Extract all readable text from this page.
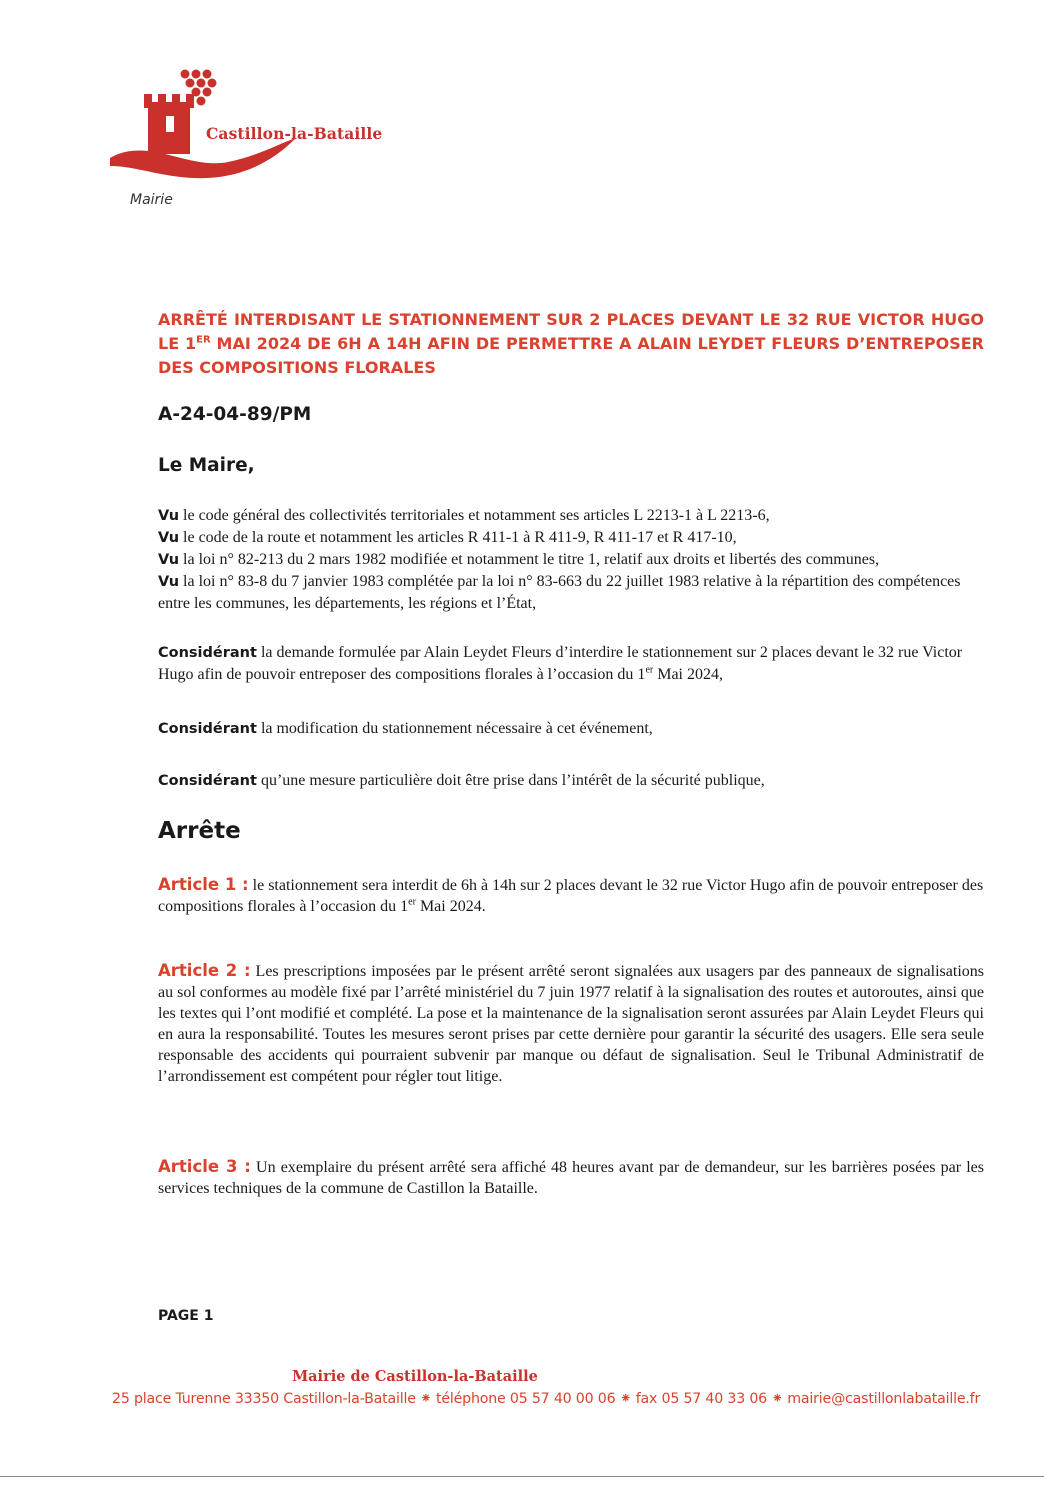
Castillon-la-Bataille
Mairie
ARRÊTÉ INTERDISANT LE STATIONNEMENT SUR 2 PLACES DEVANT LE 32 RUE VICTOR HUGO LE 1ER MAI 2024 DE 6H A 14H AFIN DE PERMETTRE A ALAIN LEYDET FLEURS D’ENTREPOSER DES COMPOSITIONS FLORALES
A-24-04-89/PM
Le Maire,

Vu le code général des collectivités territoriales et notamment ses articles L 2213-1 à L 2213-6,

Vu le code de la route et notamment les articles R 411-1 à R 411-9, R 411-17 et R 417-10,

Vu la loi n° 82-213 du 2 mars 1982 modifiée et notamment le titre 1, relatif aux droits et libertés des communes,

Vu la loi n° 83-8 du 7 janvier 1983 complétée par la loi n° 83-663 du 22 juillet 1983 relative à la répartition des compétences entre les communes, les départements, les régions et l’État,

Considérant la demande formulée par Alain Leydet Fleurs d’interdire le stationnement sur 2 places devant le 32 rue Victor Hugo afin de pouvoir entreposer des compositions florales à l’occasion du 1er Mai 2024,

Considérant la modification du stationnement nécessaire à cet événement,

Considérant qu’une mesure particulière doit être prise dans l’intérêt de la sécurité publique,

Arrête

Article 1 : le stationnement sera interdit de 6h à 14h sur 2 places devant le 32 rue Victor Hugo afin de pouvoir entreposer des compositions florales à l’occasion du 1er Mai 2024.

Article 2 : Les prescriptions imposées par le présent arrêté seront signalées aux usagers par des panneaux de signalisations au sol conformes au modèle fixé par l’arrêté ministériel du 7 juin 1977 relatif à la signalisation des routes et autoroutes, ainsi que les textes qui l’ont modifié et complété. La pose et la maintenance de la signalisation seront assurées par Alain Leydet Fleurs qui en aura la responsabilité. Toutes les mesures seront prises par cette dernière pour garantir la sécurité des usagers. Elle sera seule responsable des accidents qui pourraient subvenir par manque ou défaut de signalisation. Seul le Tribunal Administratif de l’arrondissement est compétent pour régler tout litige.

Article 3 : Un exemplaire du présent arrêté sera affiché 48 heures avant par de demandeur, sur les barrières posées par les services techniques de la commune de Castillon la Bataille.

PAGE 1
Mairie de Castillon-la-Bataille
25 place Turenne 33350 Castillon-la-Bataille ⁕ téléphone 05 57 40 00 06 ⁕ fax 05 57 40 33 06 ⁕ mairie@castillonlabataille.fr
